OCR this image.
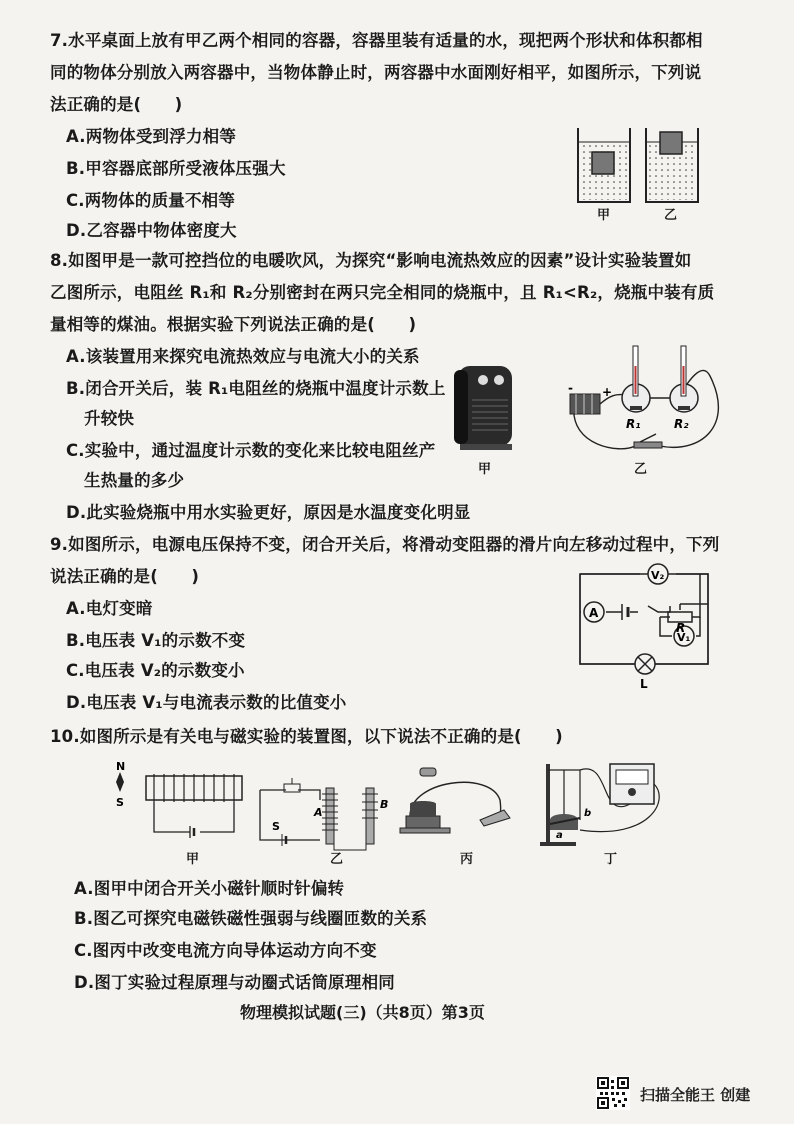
7.水平桌面上放有甲乙两个相同的容器，容器里装有适量的水，现把两个形状和体积都相
同的物体分别放入两容器中，当物体静止时，两容器中水面刚好相平，如图所示，下列说
法正确的是(　　)
A.两物体受到浮力相等
B.甲容器底部所受液体压强大
C.两物体的质量不相等
D.乙容器中物体密度大
甲	乙
8.如图甲是一款可控挡位的电暖吹风，为探究“影响电流热效应的因素”设计实验装置如
乙图所示，电阻丝 R₁和 R₂分别密封在两只完全相同的烧瓶中，且 R₁<R₂，烧瓶中装有质
量相等的煤油。根据实验下列说法正确的是(　　)
A.该装置用来探究电流热效应与电流大小的关系
B.闭合开关后，装 R₁电阻丝的烧瓶中温度计示数上
升较快
C.实验中，通过温度计示数的变化来比较电阻丝产
生热量的多少
D.此实验烧瓶中用水实验更好，原因是水温度变化明显
甲
R₁	R₂
- +
乙
9.如图所示，电源电压保持不变，闭合开关后，将滑动变阻器的滑片向左移动过程中，下列
说法正确的是(　　)
A.电灯变暗
B.电压表 V₁的示数不变
C.电压表 V₂的示数变小
D.电压表 V₁与电流表示数的比值变小
A
V₂
V₁
R
L
10.如图所示是有关电与磁实验的装置图，以下说法不正确的是(　　)
N
S
A
B
S
a
b
甲	乙	丙	丁
A.图甲中闭合开关小磁针顺时针偏转
B.图乙可探究电磁铁磁性强弱与线圈匝数的关系
C.图丙中改变电流方向导体运动方向不变
D.图丁实验过程原理与动圈式话筒原理相同
物理模拟试题(三)（共8页）第3页
扫描全能王 创建
